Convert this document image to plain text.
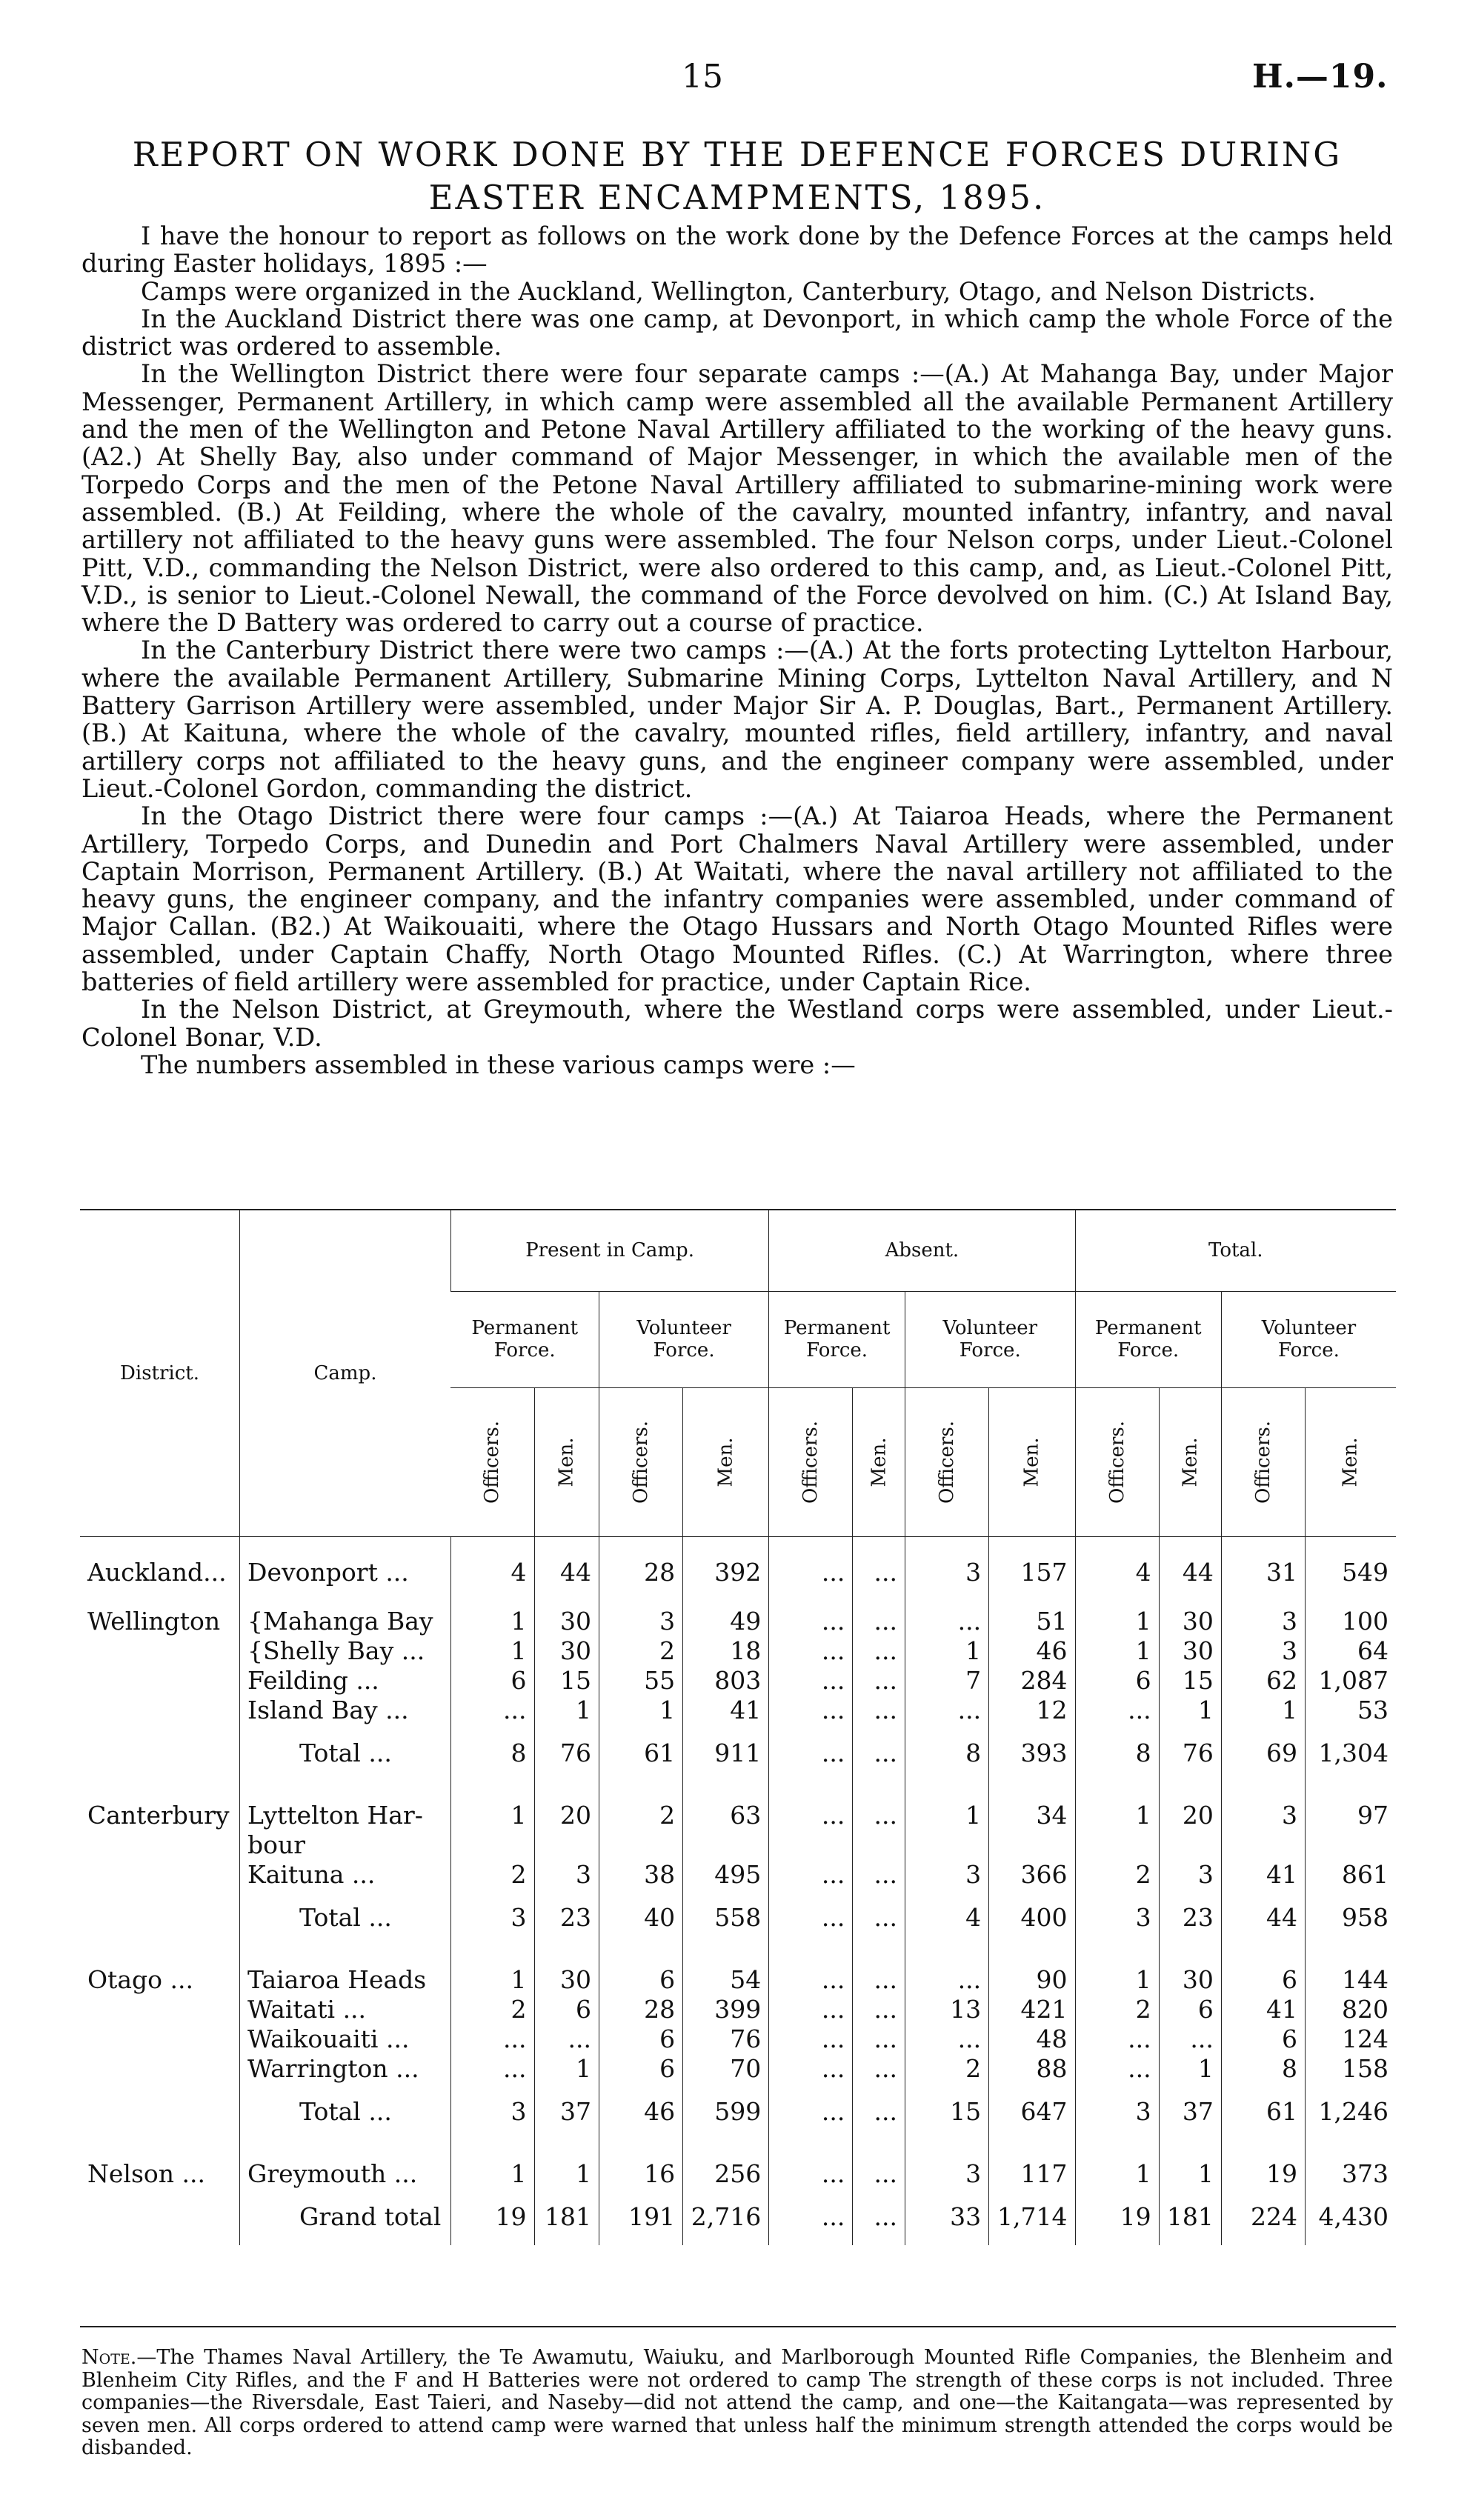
15	H.—19.
REPORT ON WORK DONE BY THE DEFENCE FORCES DURING
EASTER ENCAMPMENTS, 1895.

I have the honour to report as follows on the work done by the Defence Forces at the camps held during Easter holidays, 1895 :—

Camps were organized in the Auckland, Wellington, Canterbury, Otago, and Nelson Districts.

In the Auckland District there was one camp, at Devonport, in which camp the whole Force of the district was ordered to assemble.

In the Wellington District there were four separate camps :—(A.) At Mahanga Bay, under Major Messenger, Permanent Artillery, in which camp were assembled all the available Permanent Artillery and the men of the Wellington and Petone Naval Artillery affiliated to the working of the heavy guns. (A2.) At Shelly Bay, also under command of Major Messenger, in which the available men of the Torpedo Corps and the men of the Petone Naval Artillery affiliated to submarine-mining work were assembled. (B.) At Feilding, where the whole of the cavalry, mounted infantry, infantry, and naval artillery not affiliated to the heavy guns were assembled. The four Nelson corps, under Lieut.-Colonel Pitt, V.D., commanding the Nelson District, were also ordered to this camp, and, as Lieut.-Colonel Pitt, V.D., is senior to Lieut.-Colonel Newall, the command of the Force devolved on him. (C.) At Island Bay, where the D Battery was ordered to carry out a course of practice.

In the Canterbury District there were two camps :—(A.) At the forts protecting Lyttelton Harbour, where the available Permanent Artillery, Submarine Mining Corps, Lyttelton Naval Artillery, and N Battery Garrison Artillery were assembled, under Major Sir A. P. Douglas, Bart., Permanent Artillery. (B.) At Kaituna, where the whole of the cavalry, mounted rifles, field artillery, infantry, and naval artillery corps not affiliated to the heavy guns, and the engineer company were assembled, under Lieut.-Colonel Gordon, commanding the district.

In the Otago District there were four camps :—(A.) At Taiaroa Heads, where the Permanent Artillery, Torpedo Corps, and Dunedin and Port Chalmers Naval Artillery were assembled, under Captain Morrison, Permanent Artillery. (B.) At Waitati, where the naval artillery not affiliated to the heavy guns, the engineer company, and the infantry companies were assembled, under command of Major Callan. (B2.) At Waikouaiti, where the Otago Hussars and North Otago Mounted Rifles were assembled, under Captain Chaffy, North Otago Mounted Rifles. (C.) At Warrington, where three batteries of field artillery were assembled for practice, under Captain Rice.

In the Nelson District, at Greymouth, where the Westland corps were assembled, under Lieut.-Colonel Bonar, V.D.

The numbers assembled in these various camps were :—

District.	Camp.	Present in Camp.				Absent.				Total.			
		Permanent Force.		Volunteer Force.		Permanent Force.		Volunteer Force.		Permanent Force.		Volunteer Force.	
		Officers.	Men.	Officers.	Men.	Officers.	Men.	Officers.	Men.	Officers.	Men.	Officers.	Men.
Auckland...	Devonport ...	4	44	28	392	...	...	3	157	4	44	31	549
Wellington	{Mahanga Bay	1	30	3	49	...	...	...	51	1	30	3	100
	{Shelly Bay ...	1	30	2	18	...	...	1	46	1	30	3	64
	Feilding ...	6	15	55	803	...	...	7	284	6	15	62	1,087
	Island Bay ...	...	1	1	41	...	...	...	12	...	1	1	53
	Total ...	8	76	61	911	...	...	8	393	8	76	69	1,304
Canterbury	Lyttelton Har-	1	20	2	63	...	...	1	34	1	20	3	97
	bour												
	Kaituna ...	2	3	38	495	...	...	3	366	2	3	41	861
	Total ...	3	23	40	558	...	...	4	400	3	23	44	958
Otago ...	Taiaroa Heads	1	30	6	54	...	...	...	90	1	30	6	144
	Waitati ...	2	6	28	399	...	...	13	421	2	6	41	820
	Waikouaiti ...	...	...	6	76	...	...	...	48	...	...	6	124
	Warrington ...	...	1	6	70	...	...	2	88	...	1	8	158
	Total ...	3	37	46	599	...	...	15	647	3	37	61	1,246
Nelson ...	Greymouth ...	1	1	16	256	...	...	3	117	1	1	19	373
	Grand total	19	181	191	2,716	...	...	33	1,714	19	181	224	4,430
Note.—The Thames Naval Artillery, the Te Awamutu, Waiuku, and Marlborough Mounted Rifle Companies, the Blenheim and Blenheim City Rifles, and the F and H Batteries were not ordered to camp The strength of these corps is not included. Three companies—the Riversdale, East Taieri, and Naseby—did not attend the camp, and one—the Kaitangata—was represented by seven men. All corps ordered to attend camp were warned that unless half the minimum strength attended the corps would be disbanded.
